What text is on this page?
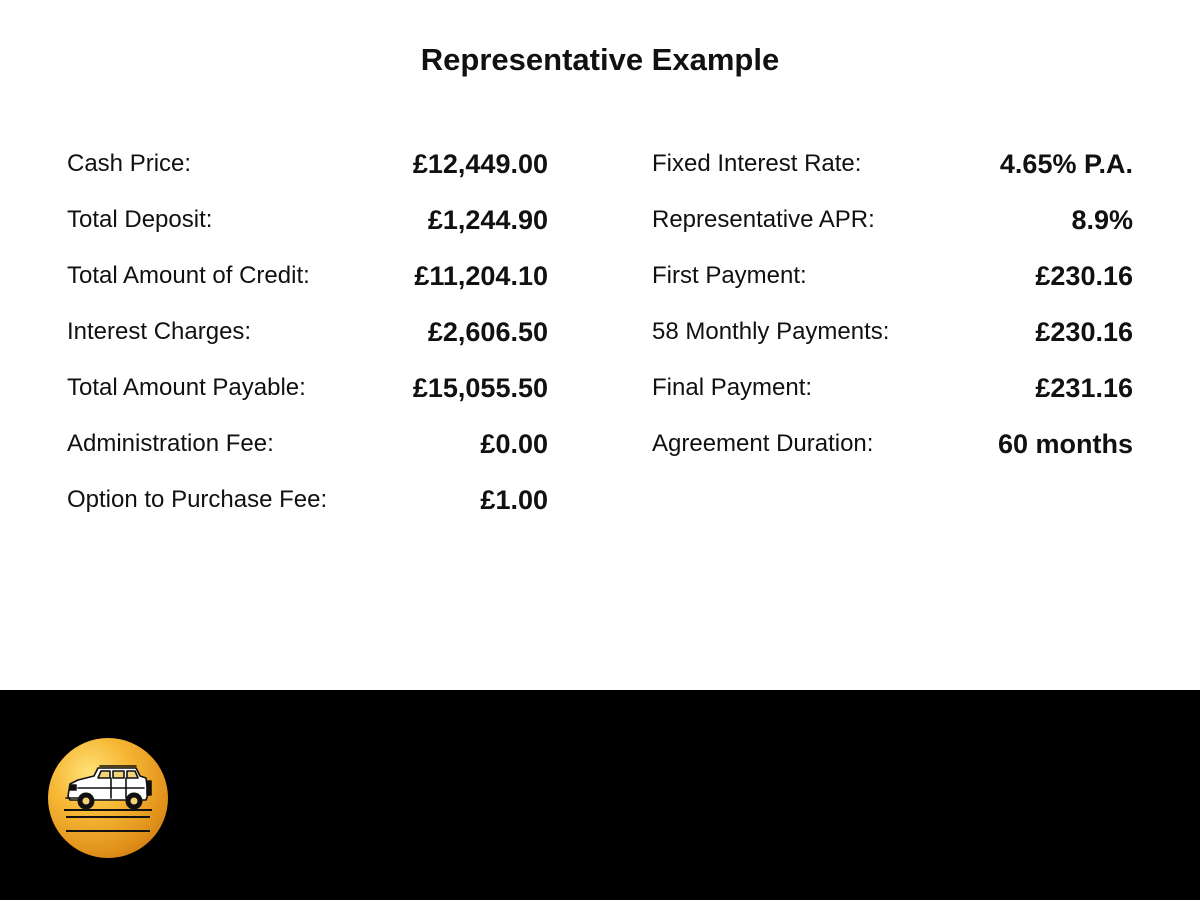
Representative Example
Cash Price:	£12,449.00
Total Deposit:	£1,244.90
Total Amount of Credit:	£11,204.10
Interest Charges:	£2,606.50
Total Amount Payable:	£15,055.50
Administration Fee:	£0.00
Option to Purchase Fee:	£1.00
Fixed Interest Rate:	4.65% P.A.
Representative APR:	8.9%
First Payment:	£230.16
58 Monthly Payments:	£230.16
Final Payment:	£231.16
Agreement Duration:	60 months
